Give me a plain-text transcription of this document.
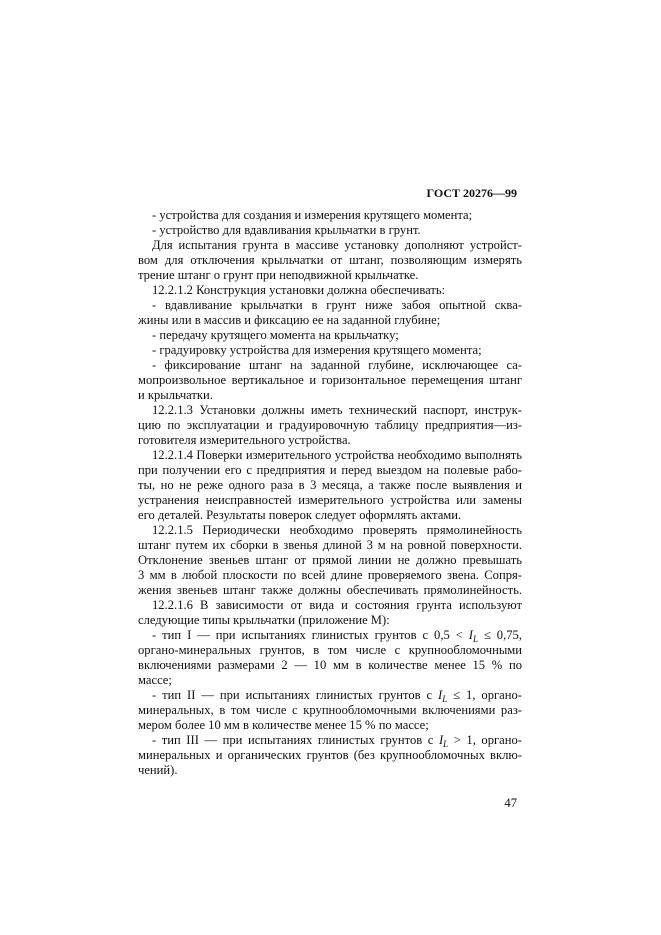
ГОСТ 20276—99
- устройства для создания и измерения крутящего момента;
- устройство для вдавливания крыльчатки в грунт.
Для испытания грунта в массиве установку дополняют устройст-
вом для отключения крыльчатки от штанг, позволяющим измерять
трение штанг о грунт при неподвижной крыльчатке.
12.2.1.2 Конструкция установки должна обеспечивать:
- вдавливание крыльчатки в грунт ниже забоя опытной сква-
жины или в массив и фиксацию ее на заданной глубине;
- передачу крутящего момента на крыльчатку;
- градуировку устройства для измерения крутящего момента;
- фиксирование штанг на заданной глубине, исключающее са-
мопроизвольное вертикальное и горизонтальное перемещения штанг
и крыльчатки.
12.2.1.3 Установки должны иметь технический паспорт, инструк-
цию по эксплуатации и градуировочную таблицу предприятия—из-
готовителя измерительного устройства.
12.2.1.4 Поверки измерительного устройства необходимо выполнять
при получении его с предприятия и перед выездом на полевые рабо-
ты, но не реже одного раза в 3 месяца, а также после выявления и
устранения неисправностей измерительного устройства или замены
его деталей. Результаты поверок следует оформлять актами.
12.2.1.5 Периодически необходимо проверять прямолинейность
штанг путем их сборки в звенья длиной 3 м на ровной поверхности.
Отклонение звеньев штанг от прямой линии не должно превышать
3 мм в любой плоскости по всей длине проверяемого звена. Сопря-
жения звеньев штанг также должны обеспечивать прямолинейность.
12.2.1.6 В зависимости от вида и состояния грунта используют
следующие типы крыльчатки (приложение М):
- тип I — при испытаниях глинистых грунтов с $0,5 < I_L \le 0,75$,
органо-минеральных грунтов, в том числе с крупнообломочными
включениями размерами 2 — 10 мм в количестве менее 15 % по
массе;
- тип II — при испытаниях глинистых грунтов с $I_L \le 1$, органо-
минеральных, в том числе с крупнообломочными включениями раз-
мером более 10 мм в количестве менее 15 % по массе;
- тип III — при испытаниях глинистых грунтов с $I_L > 1$, органо-
минеральных и органических грунтов (без крупнообломочных вклю-
чений).
47
